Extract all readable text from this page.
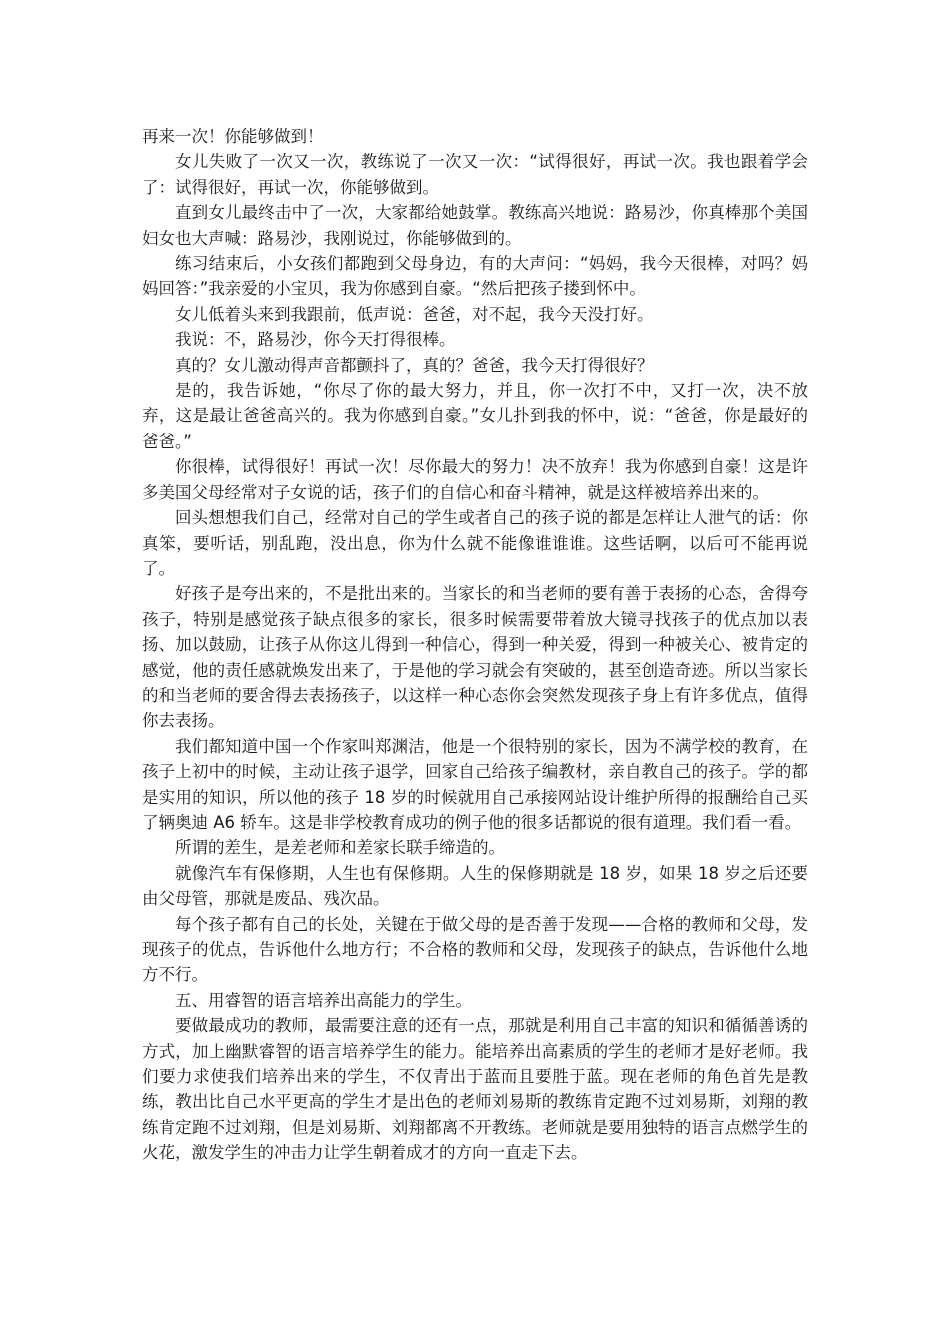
再来一次！你能够做到！

女儿失败了一次又一次，教练说了一次又一次：“试得很好，再试一次。我也跟着学会了：试得很好，再试一次，你能够做到。

直到女儿最终击中了一次，大家都给她鼓掌。教练高兴地说：路易沙，你真棒那个美国妇女也大声喊：路易沙，我刚说过，你能够做到的。

练习结束后，小女孩们都跑到父母身边，有的大声问：“妈妈，我今天很棒，对吗？妈妈回答：”我亲爱的小宝贝，我为你感到自豪。“然后把孩子搂到怀中。

女儿低着头来到我跟前，低声说：爸爸，对不起，我今天没打好。

我说：不，路易沙，你今天打得很棒。

真的？女儿激动得声音都颤抖了，真的？爸爸，我今天打得很好？

是的，我告诉她，“你尽了你的最大努力，并且，你一次打不中，又打一次，决不放弃，这是最让爸爸高兴的。我为你感到自豪。”女儿扑到我的怀中，说：“爸爸，你是最好的爸爸。”

你很棒，试得很好！再试一次！尽你最大的努力！决不放弃！我为你感到自豪！这是许多美国父母经常对子女说的话，孩子们的自信心和奋斗精神，就是这样被培养出来的。

回头想想我们自己，经常对自己的学生或者自己的孩子说的都是怎样让人泄气的话：你真笨，要听话，别乱跑，没出息，你为什么就不能像谁谁谁。这些话啊，以后可不能再说了。

好孩子是夸出来的，不是批出来的。当家长的和当老师的要有善于表扬的心态，舍得夸孩子，特别是感觉孩子缺点很多的家长，很多时候需要带着放大镜寻找孩子的优点加以表扬、加以鼓励，让孩子从你这儿得到一种信心，得到一种关爱，得到一种被关心、被肯定的感觉，他的责任感就焕发出来了，于是他的学习就会有突破的，甚至创造奇迹。所以当家长的和当老师的要舍得去表扬孩子，以这样一种心态你会突然发现孩子身上有许多优点，值得你去表扬。

我们都知道中国一个作家叫郑渊洁，他是一个很特别的家长，因为不满学校的教育，在孩子上初中的时候，主动让孩子退学，回家自己给孩子编教材，亲自教自己的孩子。学的都是实用的知识，所以他的孩子 18 岁的时候就用自己承接网站设计维护所得的报酬给自己买了辆奥迪 A6 轿车。这是非学校教育成功的例子他的很多话都说的很有道理。我们看一看。

所谓的差生，是差老师和差家长联手缔造的。

就像汽车有保修期，人生也有保修期。人生的保修期就是 18 岁，如果 18 岁之后还要由父母管，那就是废品、残次品。

每个孩子都有自己的长处，关键在于做父母的是否善于发现——合格的教师和父母，发现孩子的优点，告诉他什么地方行；不合格的教师和父母，发现孩子的缺点，告诉他什么地方不行。

五、用睿智的语言培养出高能力的学生。

要做最成功的教师，最需要注意的还有一点，那就是利用自己丰富的知识和循循善诱的方式，加上幽默睿智的语言培养学生的能力。能培养出高素质的学生的老师才是好老师。我们要力求使我们培养出来的学生，不仅青出于蓝而且要胜于蓝。现在老师的角色首先是教练，教出比自己水平更高的学生才是出色的老师刘易斯的教练肯定跑不过刘易斯，刘翔的教练肯定跑不过刘翔，但是刘易斯、刘翔都离不开教练。老师就是要用独特的语言点燃学生的火花，激发学生的冲击力让学生朝着成才的方向一直走下去。
